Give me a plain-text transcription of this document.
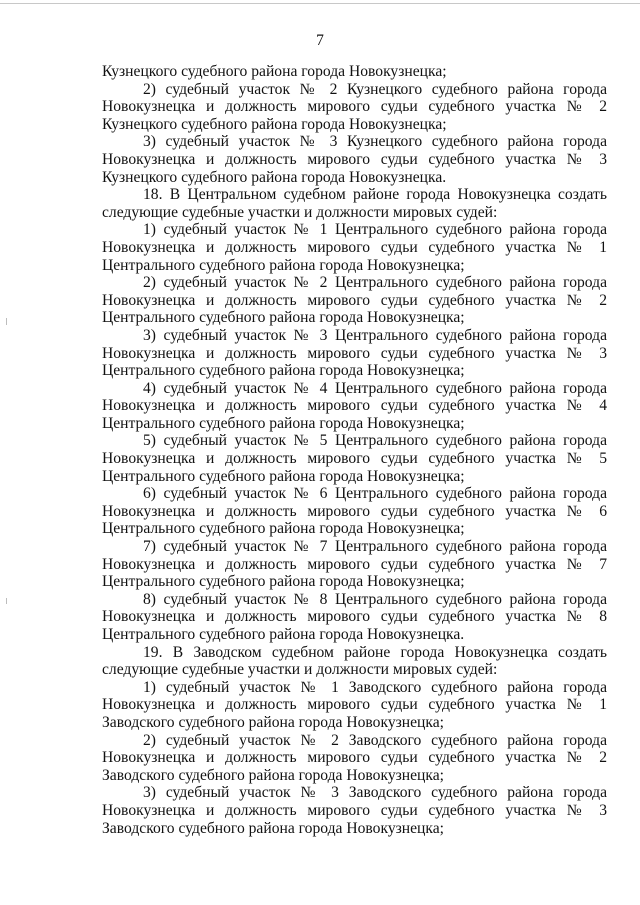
7

Кузнецкого судебного района города Новокузнецка;

2) судебный участок № 2 Кузнецкого судебного района города Новокузнецка и должность мирового судьи судебного участка № 2 Кузнецкого судебного района города Новокузнецка;

3) судебный участок № 3 Кузнецкого судебного района города Новокузнецка и должность мирового судьи судебного участка № 3 Кузнецкого судебного района города Новокузнецка.

18. В Центральном судебном районе города Новокузнецка создать следующие судебные участки и должности мировых судей:

1) судебный участок № 1 Центрального судебного района города Новокузнецка и должность мирового судьи судебного участка № 1 Центрального судебного района города Новокузнецка;

2) судебный участок № 2 Центрального судебного района города Новокузнецка и должность мирового судьи судебного участка № 2 Центрального судебного района города Новокузнецка;

3) судебный участок № 3 Центрального судебного района города Новокузнецка и должность мирового судьи судебного участка № 3 Центрального судебного района города Новокузнецка;

4) судебный участок № 4 Центрального судебного района города Новокузнецка и должность мирового судьи судебного участка № 4 Центрального судебного района города Новокузнецка;

5) судебный участок № 5 Центрального судебного района города Новокузнецка и должность мирового судьи судебного участка № 5 Центрального судебного района города Новокузнецка;

6) судебный участок № 6 Центрального судебного района города Новокузнецка и должность мирового судьи судебного участка № 6 Центрального судебного района города Новокузнецка;

7) судебный участок № 7 Центрального судебного района города Новокузнецка и должность мирового судьи судебного участка № 7 Центрального судебного района города Новокузнецка;

8) судебный участок № 8 Центрального судебного района города Новокузнецка и должность мирового судьи судебного участка № 8 Центрального судебного района города Новокузнецка.

19. В Заводском судебном районе города Новокузнецка создать следующие судебные участки и должности мировых судей:

1) судебный участок № 1 Заводского судебного района города Новокузнецка и должность мирового судьи судебного участка № 1 Заводского судебного района города Новокузнецка;

2) судебный участок № 2 Заводского судебного района города Новокузнецка и должность мирового судьи судебного участка № 2 Заводского судебного района города Новокузнецка;

3) судебный участок № 3 Заводского судебного района города Новокузнецка и должность мирового судьи судебного участка № 3 Заводского судебного района города Новокузнецка;
